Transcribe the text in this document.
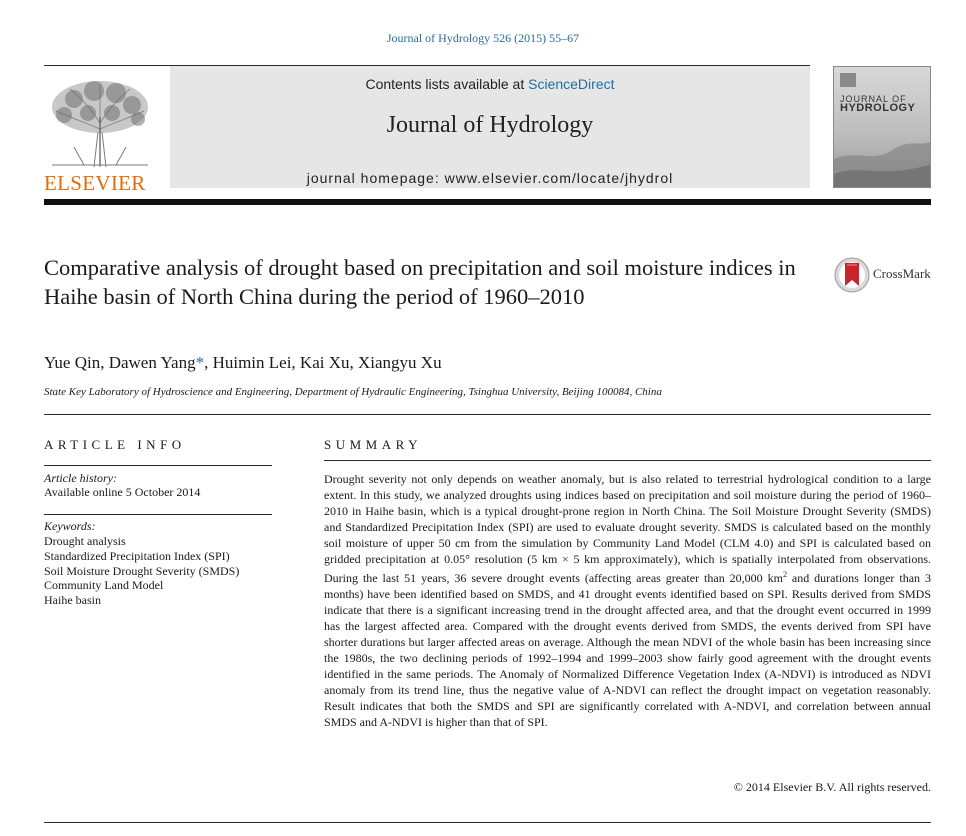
Journal of Hydrology 526 (2015) 55–67
ELSEVIER
Contents lists available at ScienceDirect
Journal of Hydrology
journal homepage: www.elsevier.com/locate/jhydrol
JOURNAL OF
HYDROLOGY
Comparative analysis of drought based on precipitation and soil moisture indices in Haihe basin of North China during the period of 1960–2010
CrossMark
Yue Qin, Dawen Yang*, Huimin Lei, Kai Xu, Xiangyu Xu
State Key Laboratory of Hydroscience and Engineering, Department of Hydraulic Engineering, Tsinghua University, Beijing 100084, China
ARTICLE INFO
Article history:
Available online 5 October 2014
Keywords:
Drought analysis
Standardized Precipitation Index (SPI)
Soil Moisture Drought Severity (SMDS)
Community Land Model
Haihe basin
SUMMARY
Drought severity not only depends on weather anomaly, but is also related to terrestrial hydrological condition to a large extent. In this study, we analyzed droughts using indices based on precipitation and soil moisture during the period of 1960–2010 in Haihe basin, which is a typical drought-prone region in North China. The Soil Moisture Drought Severity (SMDS) and Standardized Precipitation Index (SPI) are used to evaluate drought severity. SMDS is calculated based on the monthly soil moisture of upper 50 cm from the simulation by Community Land Model (CLM 4.0) and SPI is calculated based on gridded precipitation at 0.05° resolution (5 km × 5 km approximately), which is spatially interpolated from observations. During the last 51 years, 36 severe drought events (affecting areas greater than 20,000 $km^2$ and durations longer than 3 months) have been identified based on SMDS, and 41 drought events identified based on SPI. Results derived from SMDS indicate that there is a significant increasing trend in the drought affected area, and that the drought event occurred in 1999 has the largest affected area. Compared with the drought events derived from SMDS, the events derived from SPI have shorter durations but larger affected areas on average. Although the mean NDVI of the whole basin has been increasing since the 1980s, the two declining periods of 1992–1994 and 1999–2003 show fairly good agreement with the drought events identified in the same periods. The Anomaly of Normalized Difference Vegetation Index (A-NDVI) is introduced as NDVI anomaly from its trend line, thus the negative value of A-NDVI can reflect the drought impact on vegetation reasonably. Result indicates that both the SMDS and SPI are significantly correlated with A-NDVI, and correlation between annual SMDS and A-NDVI is higher than that of SPI.
© 2014 Elsevier B.V. All rights reserved.
